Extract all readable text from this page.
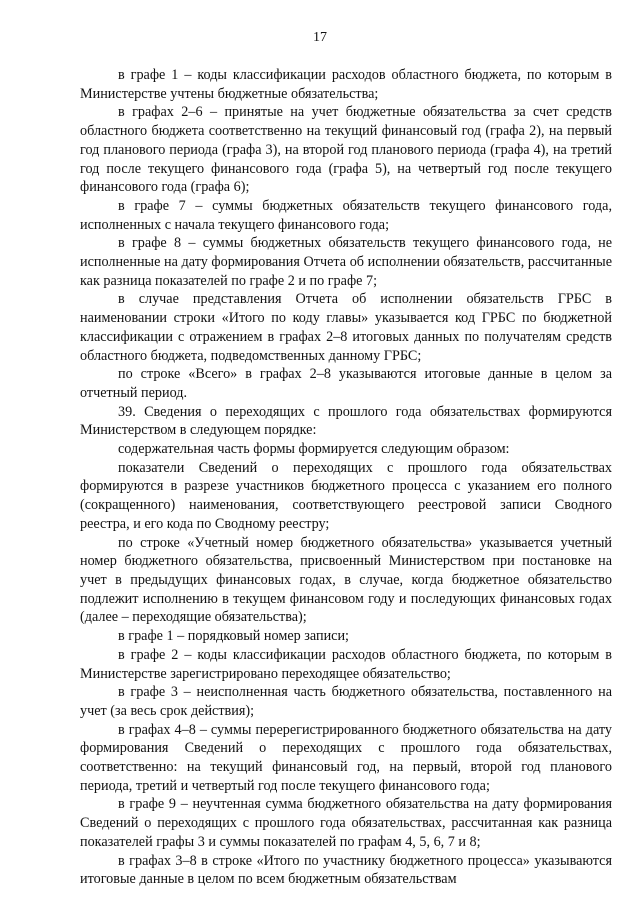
17

в графе 1 – коды классификации расходов областного бюджета, по которым в Министерстве учтены бюджетные обязательства;

в графах 2–6 – принятые на учет бюджетные обязательства за счет средств областного бюджета соответственно на текущий финансовый год (графа 2), на первый год планового периода (графа 3), на второй год планового периода (графа 4), на третий год после текущего финансового года (графа 5), на четвертый год после текущего финансового года (графа 6);

в графе 7 – суммы бюджетных обязательств текущего финансового года, исполненных с начала текущего финансового года;

в графе 8 – суммы бюджетных обязательств текущего финансового года, не исполненные на дату формирования Отчета об исполнении обязательств, рассчитанные как разница показателей по графе 2 и по графе 7;

в случае представления Отчета об исполнении обязательств ГРБС в наименовании строки «Итого по коду главы» указывается код ГРБС по бюджетной классификации с отражением в графах 2–8 итоговых данных по получателям средств областного бюджета, подведомственных данному ГРБС;

по строке «Всего» в графах 2–8 указываются итоговые данные в целом за отчетный период.

39. Сведения о переходящих с прошлого года обязательствах формируются Министерством в следующем порядке:

содержательная часть формы формируется следующим образом:

показатели Сведений о переходящих с прошлого года обязательствах формируются в разрезе участников бюджетного процесса с указанием его полного (сокращенного) наименования, соответствующего реестровой записи Сводного реестра, и его кода по Сводному реестру;

по строке «Учетный номер бюджетного обязательства» указывается учетный номер бюджетного обязательства, присвоенный Министерством при постановке на учет в предыдущих финансовых годах, в случае, когда бюджетное обязательство подлежит исполнению в текущем финансовом году и последующих финансовых годах (далее – переходящие обязательства);

в графе 1 – порядковый номер записи;

в графе 2 – коды классификации расходов областного бюджета, по которым в Министерстве зарегистрировано переходящее обязательство;

в графе 3 – неисполненная часть бюджетного обязательства, поставленного на учет (за весь срок действия);

в графах 4–8 – суммы перерегистрированного бюджетного обязательства на дату формирования Сведений о переходящих с прошлого года обязательствах, соответственно: на текущий финансовый год, на первый, второй год планового периода, третий и четвертый год после текущего финансового года;

в графе 9 – неучтенная сумма бюджетного обязательства на дату формирования Сведений о переходящих с прошлого года обязательствах, рассчитанная как разница показателей графы 3 и суммы показателей по графам 4, 5, 6, 7 и 8;

в графах 3–8 в строке «Итого по участнику бюджетного процесса» указываются итоговые данные в целом по всем бюджетным обязательствам
